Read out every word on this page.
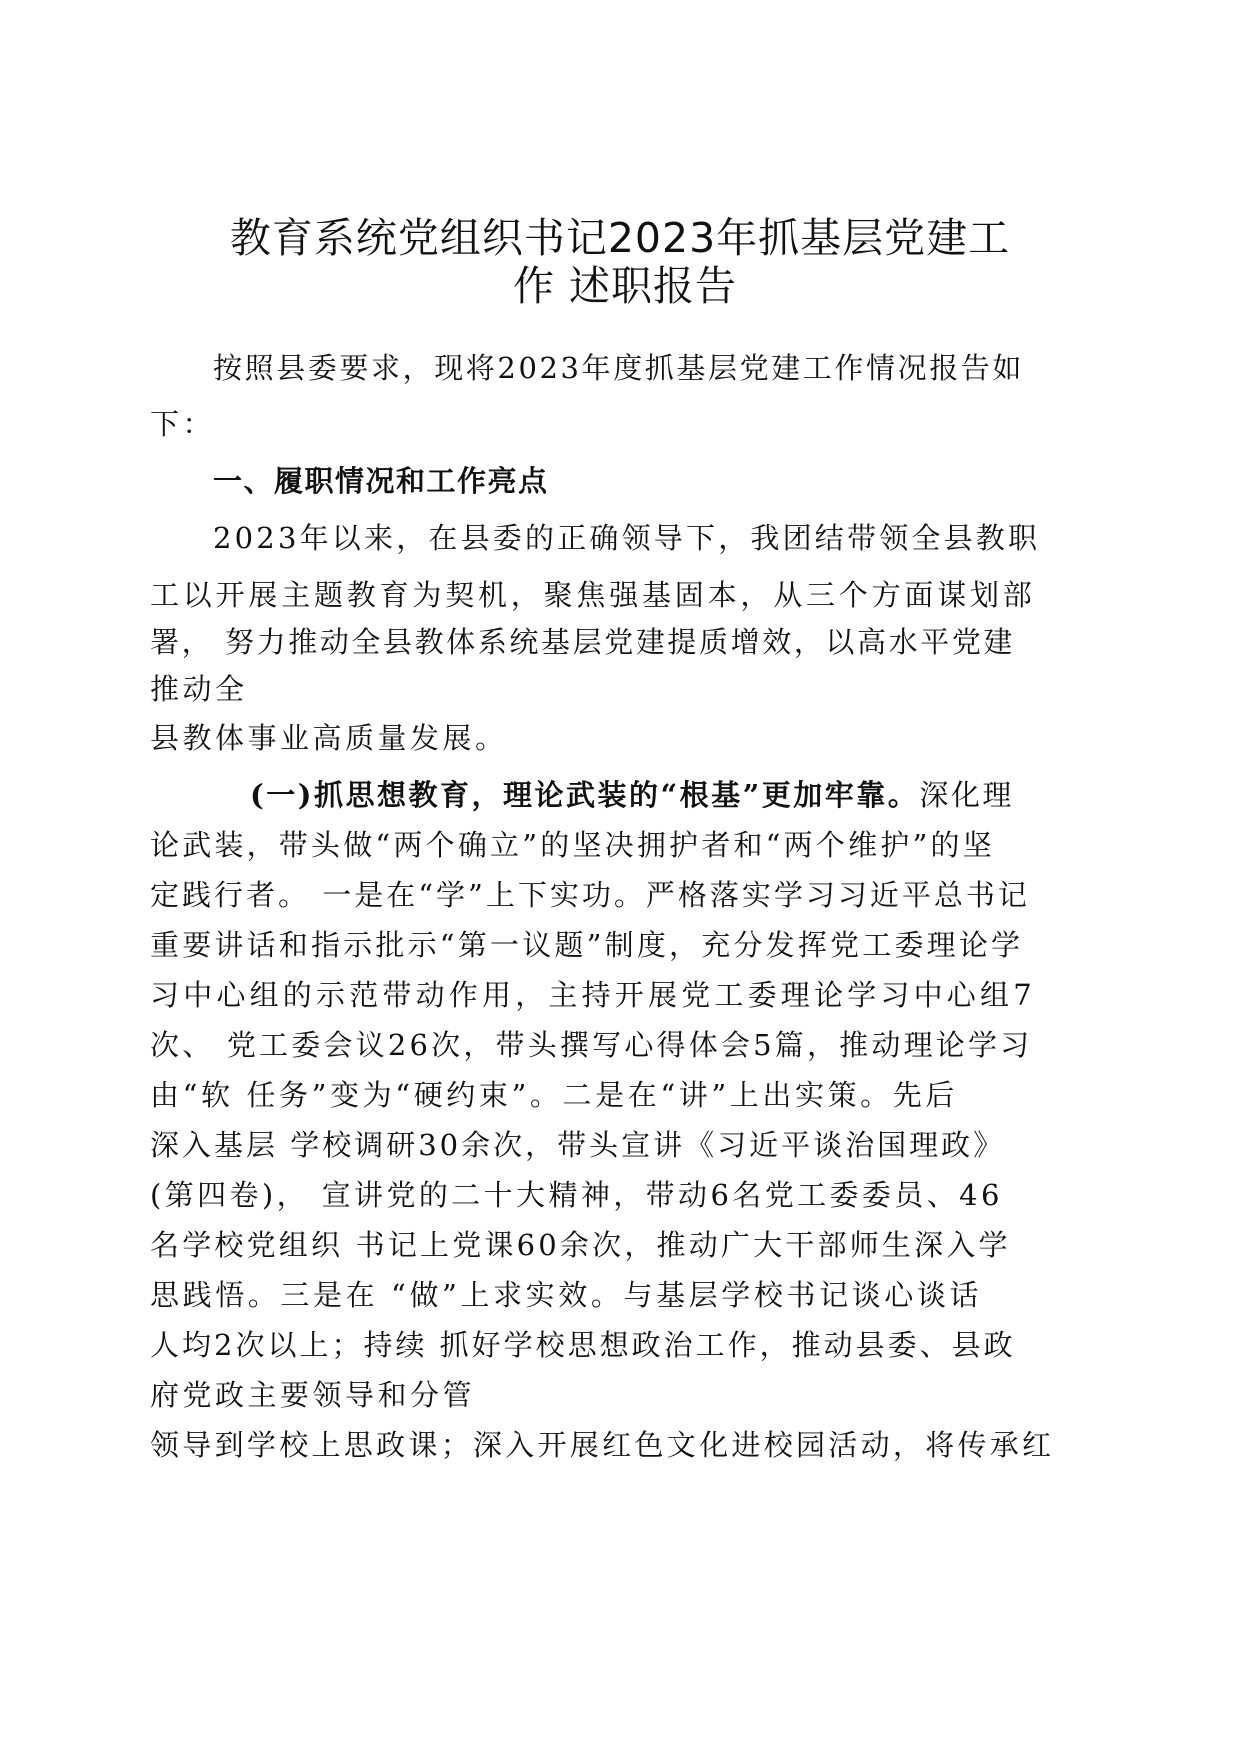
教育系统党组织书记2023年抓基层党建工
作 述职报告
按照县委要求，现将2023年度抓基层党建工作情况报告如
下：
一、履职情况和工作亮点
2023年以来，在县委的正确领导下，我团结带领全县教职
工以开展主题教育为契机，聚焦强基固本，从三个方面谋划部
署， 努力推动全县教体系统基层党建提质增效，以高水平党建
推动全
县教体事业高质量发展。
(一)抓思想教育，理论武装的“根基”更加牢靠。深化理
论武装，带头做“两个确立”的坚决拥护者和“两个维护”的坚
定践行者。 一是在“学”上下实功。严格落实学习习近平总书记
重要讲话和指示批示“第一议题”制度，充分发挥党工委理论学
习中心组的示范带动作用，主持开展党工委理论学习中心组7
次、 党工委会议26次，带头撰写心得体会5篇，推动理论学习
由“软 任务”变为“硬约束”。二是在“讲”上出实策。先后
深入基层 学校调研30余次，带头宣讲《习近平谈治国理政》
(第四卷)， 宣讲党的二十大精神，带动6名党工委委员、46
名学校党组织 书记上党课60余次，推动广大干部师生深入学
思践悟。三是在 “做”上求实效。与基层学校书记谈心谈话
人均2次以上；持续 抓好学校思想政治工作，推动县委、县政
府党政主要领导和分管
领导到学校上思政课；深入开展红色文化进校园活动，将传承红
